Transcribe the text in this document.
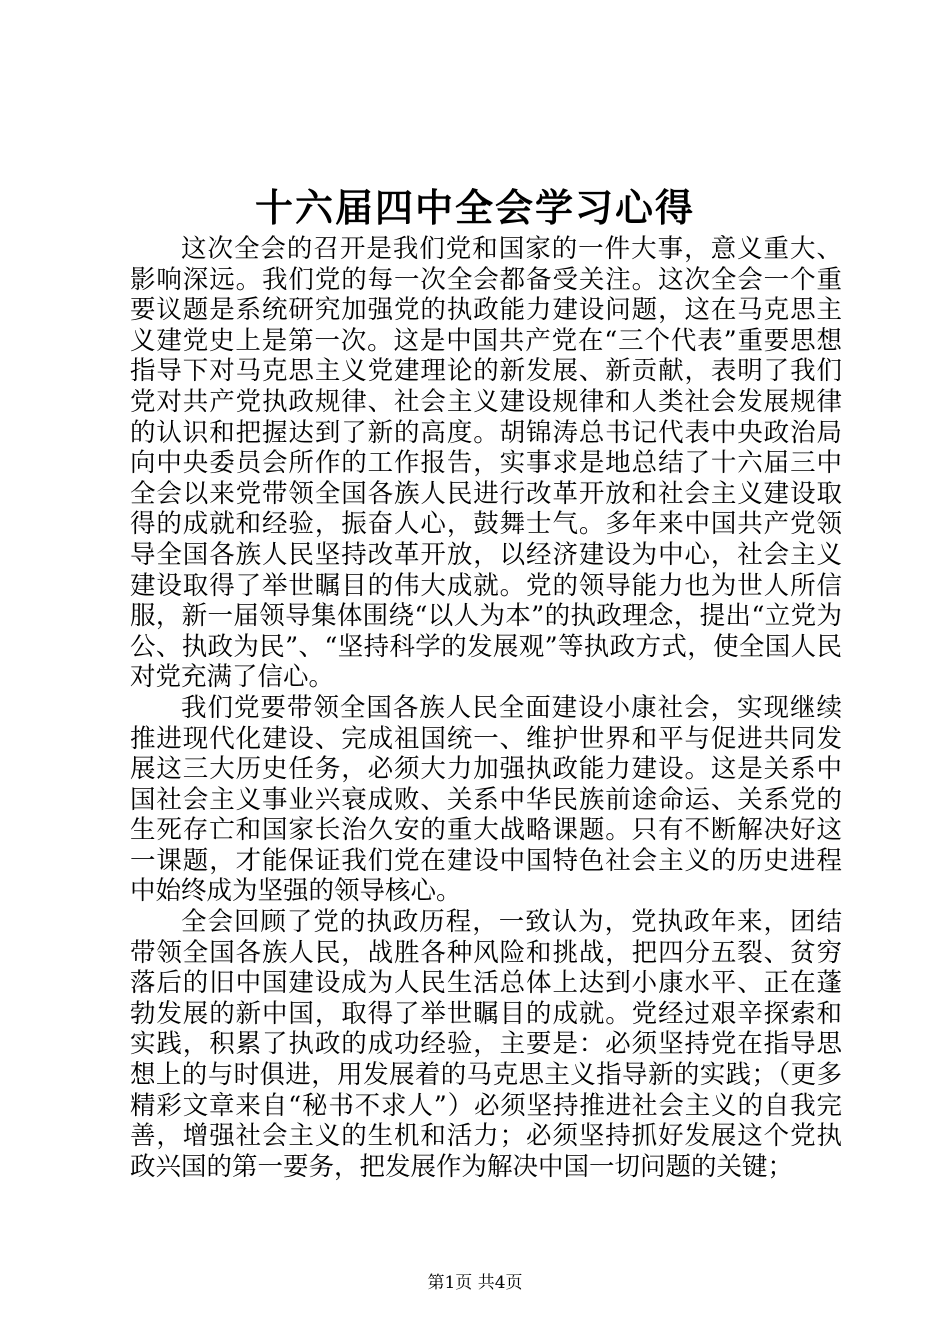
十六届四中全会学习心得

这次全会的召开是我们党和国家的一件大事，意义重大、影响深远。我们党的每一次全会都备受关注。这次全会一个重要议题是系统研究加强党的执政能力建设问题，这在马克思主义建党史上是第一次。这是中国共产党在“三个代表”重要思想指导下对马克思主义党建理论的新发展、新贡献，表明了我们党对共产党执政规律、社会主义建设规律和人类社会发展规律的认识和把握达到了新的高度。胡锦涛总书记代表中央政治局向中央委员会所作的工作报告，实事求是地总结了十六届三中全会以来党带领全国各族人民进行改革开放和社会主义建设取得的成就和经验，振奋人心，鼓舞士气。多年来中国共产党领导全国各族人民坚持改革开放，以经济建设为中心，社会主义建设取得了举世瞩目的伟大成就。党的领导能力也为世人所信服，新一届领导集体围绕“以人为本”的执政理念，提出“立党为公、执政为民”、“坚持科学的发展观”等执政方式，使全国人民对党充满了信心。

我们党要带领全国各族人民全面建设小康社会，实现继续推进现代化建设、完成祖国统一、维护世界和平与促进共同发展这三大历史任务，必须大力加强执政能力建设。这是关系中国社会主义事业兴衰成败、关系中华民族前途命运、关系党的生死存亡和国家长治久安的重大战略课题。只有不断解决好这一课题，才能保证我们党在建设中国特色社会主义的历史进程中始终成为坚强的领导核心。

全会回顾了党的执政历程，一致认为，党执政年来，团结带领全国各族人民，战胜各种风险和挑战，把四分五裂、贫穷落后的旧中国建设成为人民生活总体上达到小康水平、正在蓬勃发展的新中国，取得了举世瞩目的成就。党经过艰辛探索和实践，积累了执政的成功经验，主要是：必须坚持党在指导思想上的与时俱进，用发展着的马克思主义指导新的实践；（更多精彩文章来自“秘书不求人”）必须坚持推进社会主义的自我完善，增强社会主义的生机和活力；必须坚持抓好发展这个党执政兴国的第一要务，把发展作为解决中国一切问题的关键；

第1页 共4页
